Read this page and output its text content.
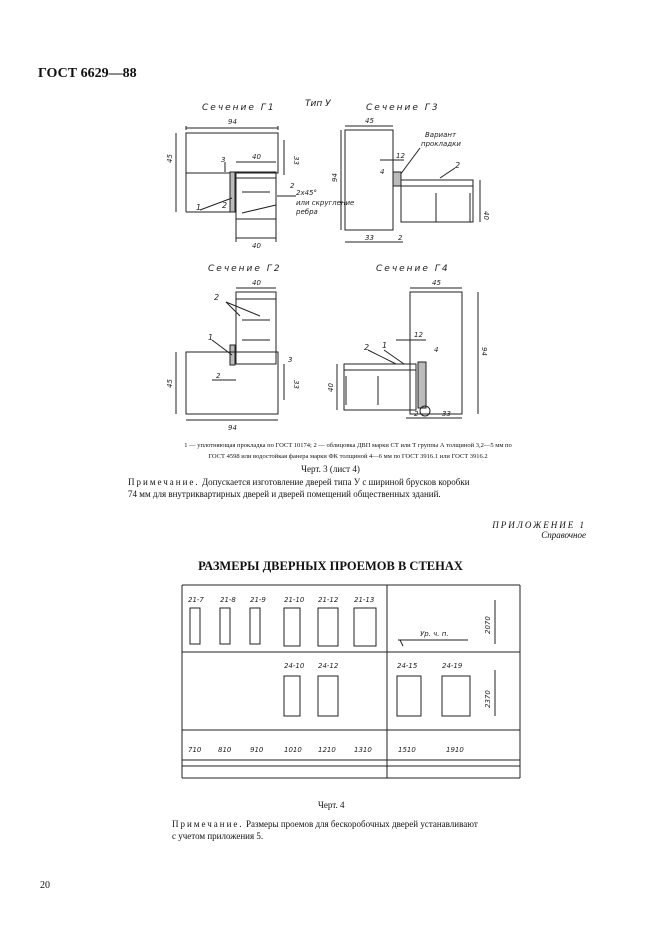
ГОСТ 6629—88
Тип У
Сечение Г1
94
45	3	40	33
2
2х45°
или скругление
ребра
1	2
40
Сечение Г3
45
94
Вариант
прокладки
12
4
40
2
33	2
Сечение Г2
40
45
3
33
2
2
1
94
Сечение Г4
45
94
12
4
40
2 1
2	33
1 — уплотняющая прокладка по ГОСТ 10174; 2 — облицовка ДВП марки СТ или Т группы А толщиной 3,2—5 мм по
ГОСТ 4598 или водостойкая фанера марки ФК толщиной 4—6 мм по ГОСТ 3916.1 или ГОСТ 3916.2
Черт. 3 (лист 4)
Примечание. Допускается изготовление дверей типа У с шириной брусков коробки
74 мм для внутриквартирных дверей и дверей помещений общественных зданий.
ПРИЛОЖЕНИЕ 1
Справочное
РАЗМЕРЫ ДВЕРНЫХ ПРОЕМОВ В СТЕНАХ
21-7 21-8 21-9	21-10 21-12 21-13
Ур. ч. п.
24-10 24-12	24-15	24-19
2070
2370
710 810	910	1010 1210	1310	1510	1910
Черт. 4
Примечание. Размеры проемов для бескоробочных дверей устанавливают
с учетом приложения 5.
20
